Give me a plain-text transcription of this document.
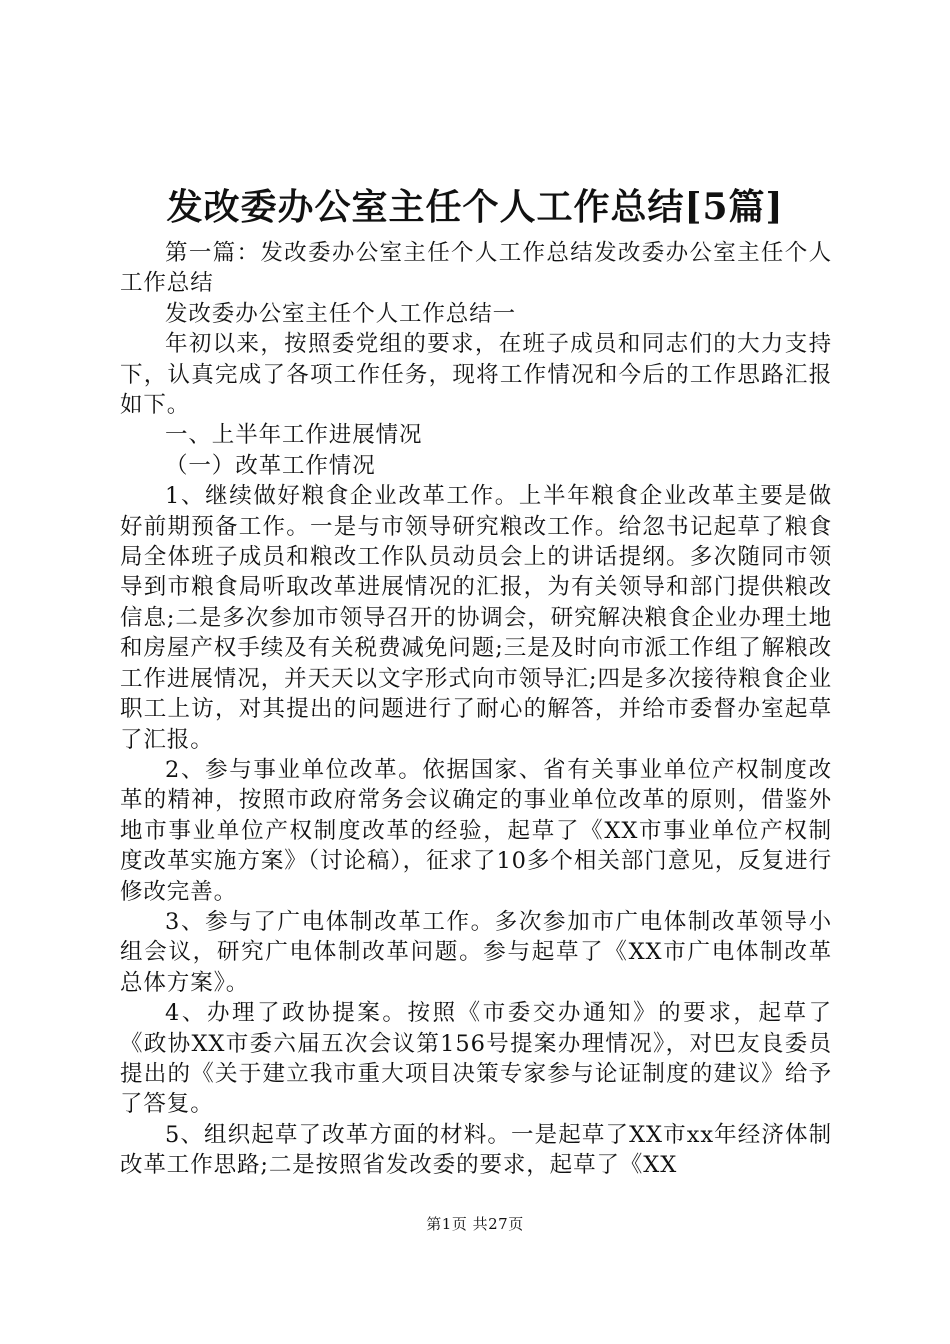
发改委办公室主任个人工作总结[5篇]

第一篇：发改委办公室主任个人工作总结发改委办公室主任个人工作总结

发改委办公室主任个人工作总结一

年初以来，按照委党组的要求，在班子成员和同志们的大力支持下，认真完成了各项工作任务，现将工作情况和今后的工作思路汇报如下。

一、上半年工作进展情况

（一）改革工作情况

1、继续做好粮食企业改革工作。上半年粮食企业改革主要是做好前期预备工作。一是与市领导研究粮改工作。给忽书记起草了粮食局全体班子成员和粮改工作队员动员会上的讲话提纲。多次随同市领导到市粮食局听取改革进展情况的汇报，为有关领导和部门提供粮改信息;二是多次参加市领导召开的协调会，研究解决粮食企业办理土地和房屋产权手续及有关税费减免问题;三是及时向市派工作组了解粮改工作进展情况，并天天以文字形式向市领导汇;四是多次接待粮食企业职工上访，对其提出的问题进行了耐心的解答，并给市委督办室起草了汇报。

2、参与事业单位改革。依据国家、省有关事业单位产权制度改革的精神，按照市政府常务会议确定的事业单位改革的原则，借鉴外地市事业单位产权制度改革的经验，起草了《XX市事业单位产权制度改革实施方案》（讨论稿），征求了10多个相关部门意见，反复进行修改完善。

3、参与了广电体制改革工作。多次参加市广电体制改革领导小组会议，研究广电体制改革问题。参与起草了《XX市广电体制改革总体方案》。

4、办理了政协提案。按照《市委交办通知》的要求，起草了《政协XX市委六届五次会议第156号提案办理情况》，对巴友良委员提出的《关于建立我市重大项目决策专家参与论证制度的建议》给予了答复。

5、组织起草了改革方面的材料。一是起草了XX市xx年经济体制改革工作思路;二是按照省发改委的要求，起草了《XX

第1页 共27页
